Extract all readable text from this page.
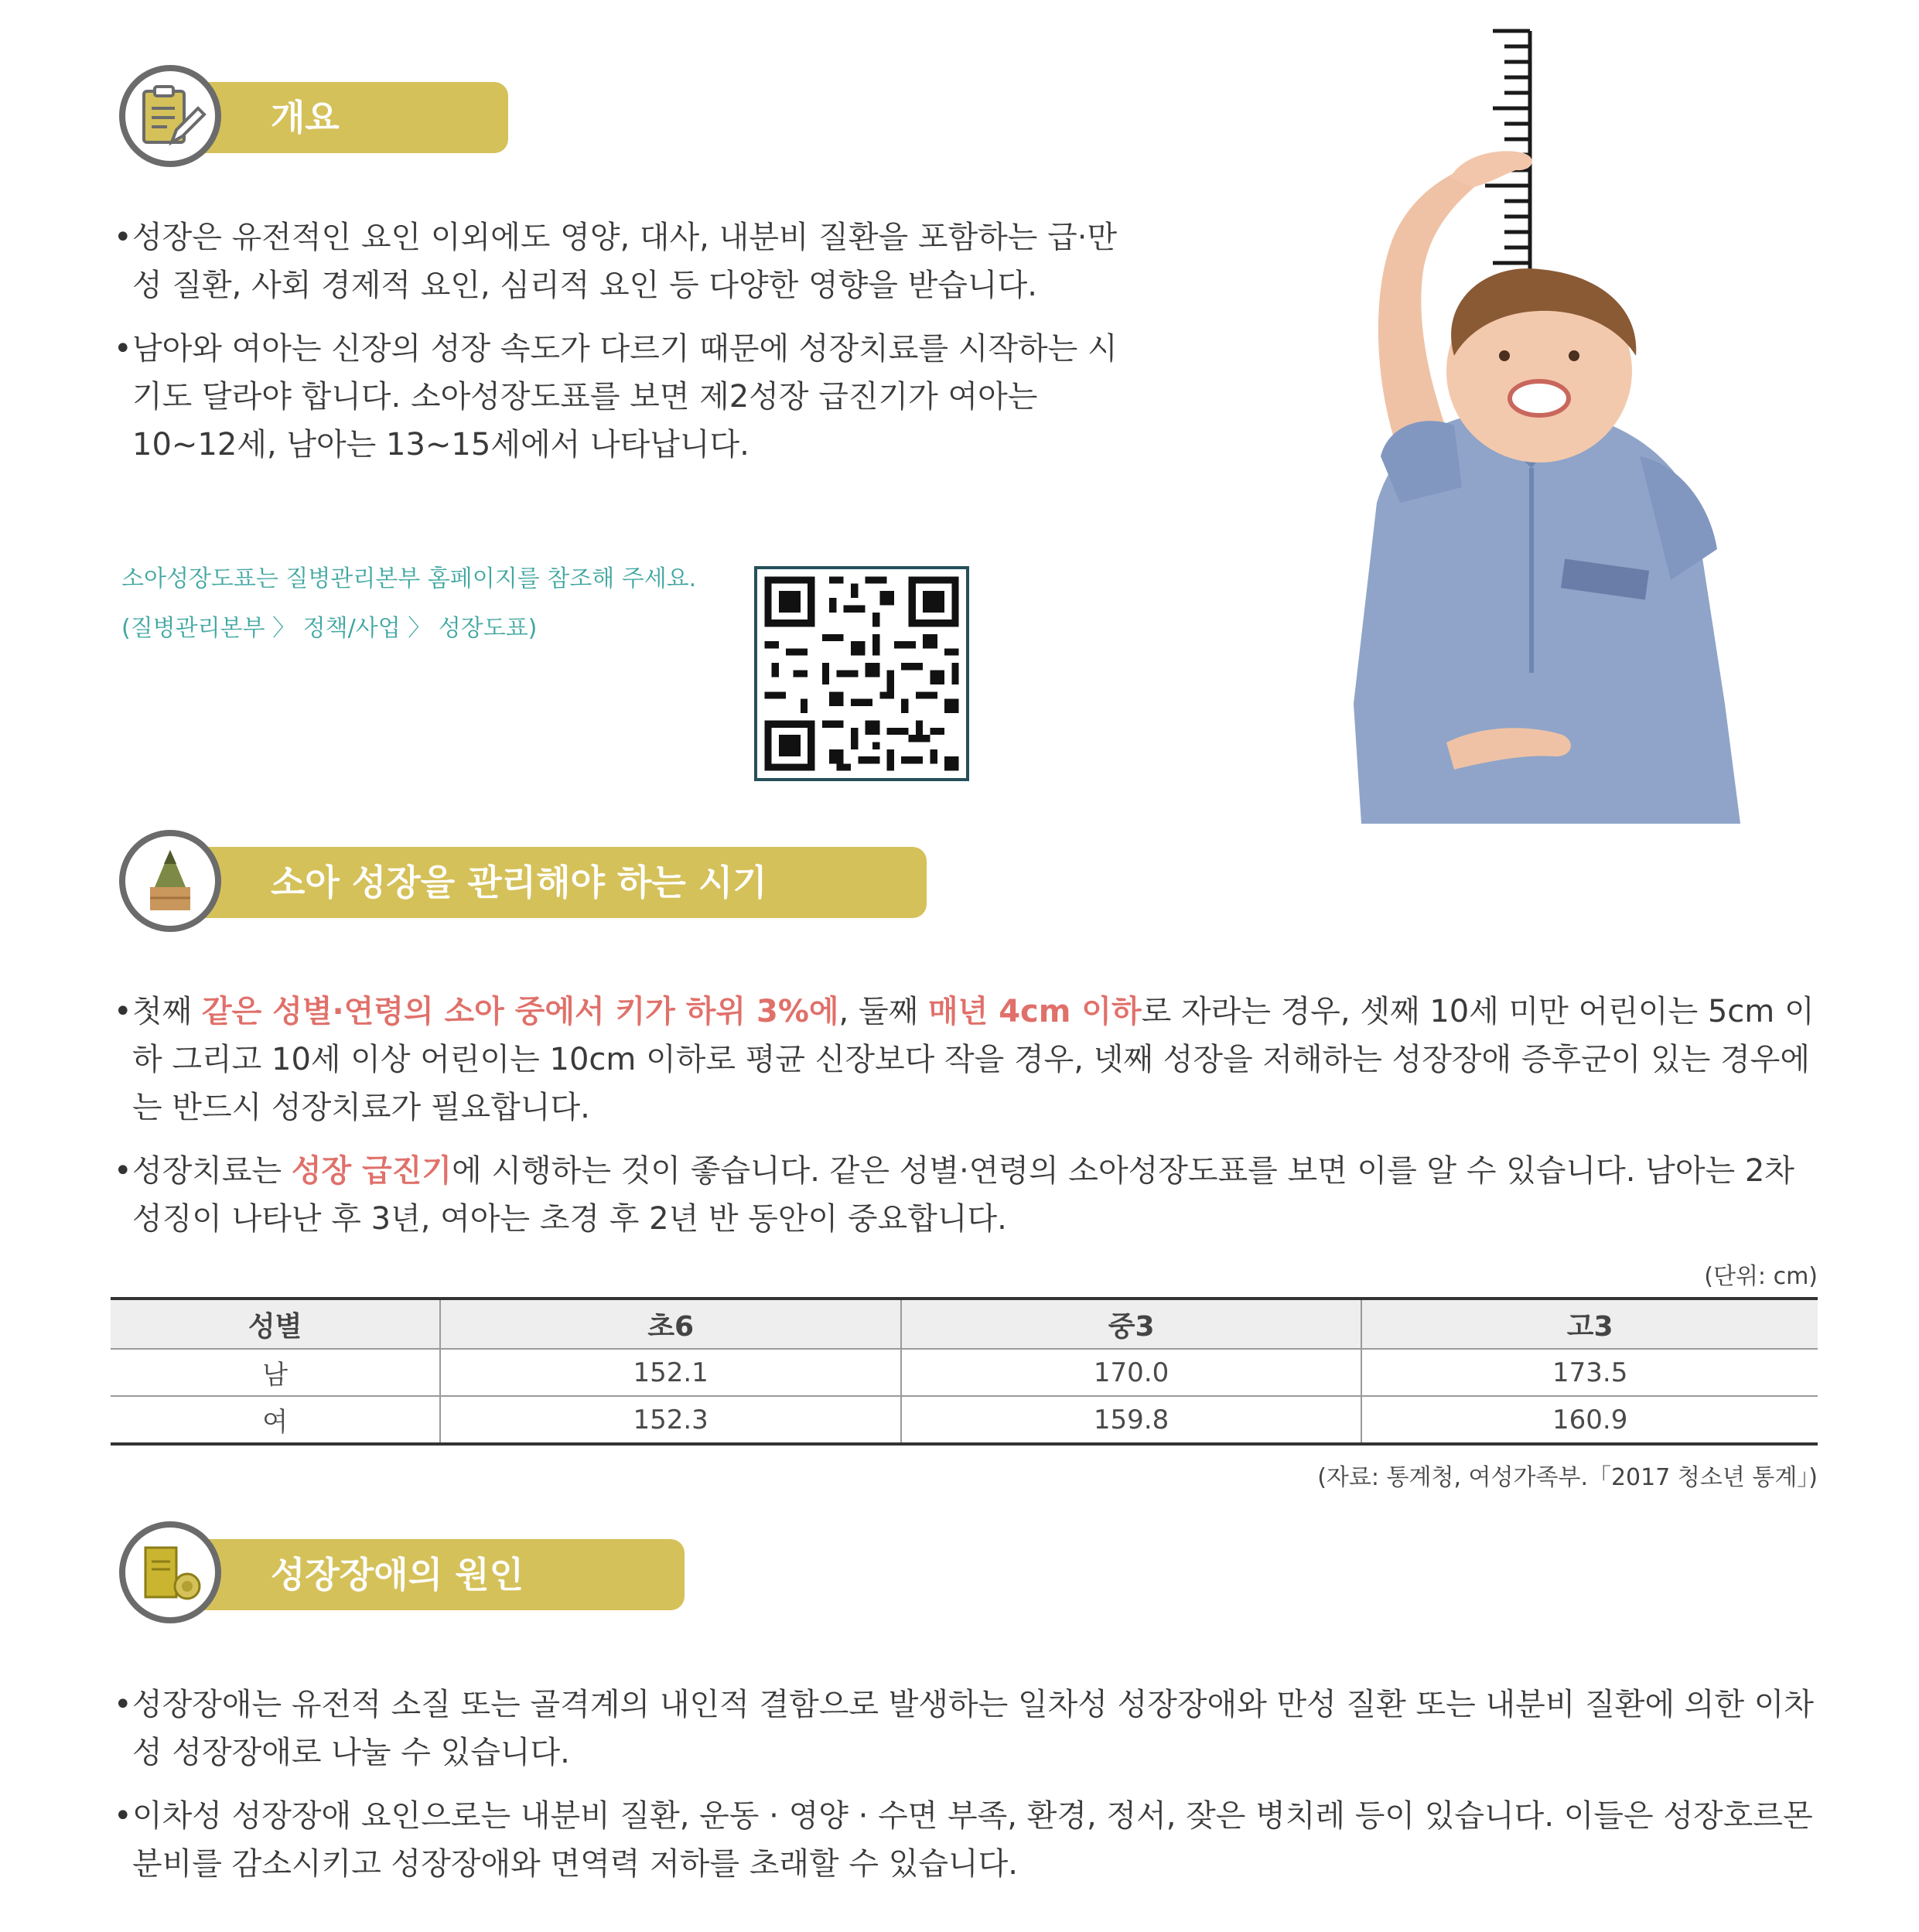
개요
• 성장은 유전적인 요인 이외에도 영양, 대사, 내분비 질환을 포함하는 급·만성 질환, 사회 경제적 요인, 심리적 요인 등 다양한 영향을 받습니다.
• 남아와 여아는 신장의 성장 속도가 다르기 때문에 성장치료를 시작하는 시기도 달라야 합니다. 소아성장도표를 보면 제2성장 급진기가 여아는 10~12세, 남아는 13~15세에서 나타납니다.
소아성장도표는 질병관리본부 홈페이지를 참조해 주세요.
(질병관리본부 〉 정책/사업 〉 성장도표)
소아 성장을 관리해야 하는 시기
• 첫째 같은 성별·연령의 소아 중에서 키가 하위 3%에, 둘째 매년 4cm 이하로 자라는 경우, 셋째 10세 미만 어린이는 5cm 이하 그리고 10세 이상 어린이는 10cm 이하로 평균 신장보다 작을 경우, 넷째 성장을 저해하는 성장장애 증후군이 있는 경우에는 반드시 성장치료가 필요합니다.
• 성장치료는 성장 급진기에 시행하는 것이 좋습니다. 같은 성별·연령의 소아성장도표를 보면 이를 알 수 있습니다. 남아는 2차 성징이 나타난 후 3년, 여아는 초경 후 2년 반 동안이 중요합니다.
(단위: cm)
성별	초6	중3	고3
남	152.1	170.0	173.5
여	152.3	159.8	160.9
(자료: 통계청, 여성가족부.「2017 청소년 통계」)
성장장애의 원인
• 성장장애는 유전적 소질 또는 골격계의 내인적 결함으로 발생하는 일차성 성장장애와 만성 질환 또는 내분비 질환에 의한 이차성 성장장애로 나눌 수 있습니다.
• 이차성 성장장애 요인으로는 내분비 질환, 운동 · 영양 · 수면 부족, 환경, 정서, 잦은 병치레 등이 있습니다. 이들은 성장호르몬 분비를 감소시키고 성장장애와 면역력 저하를 초래할 수 있습니다.
